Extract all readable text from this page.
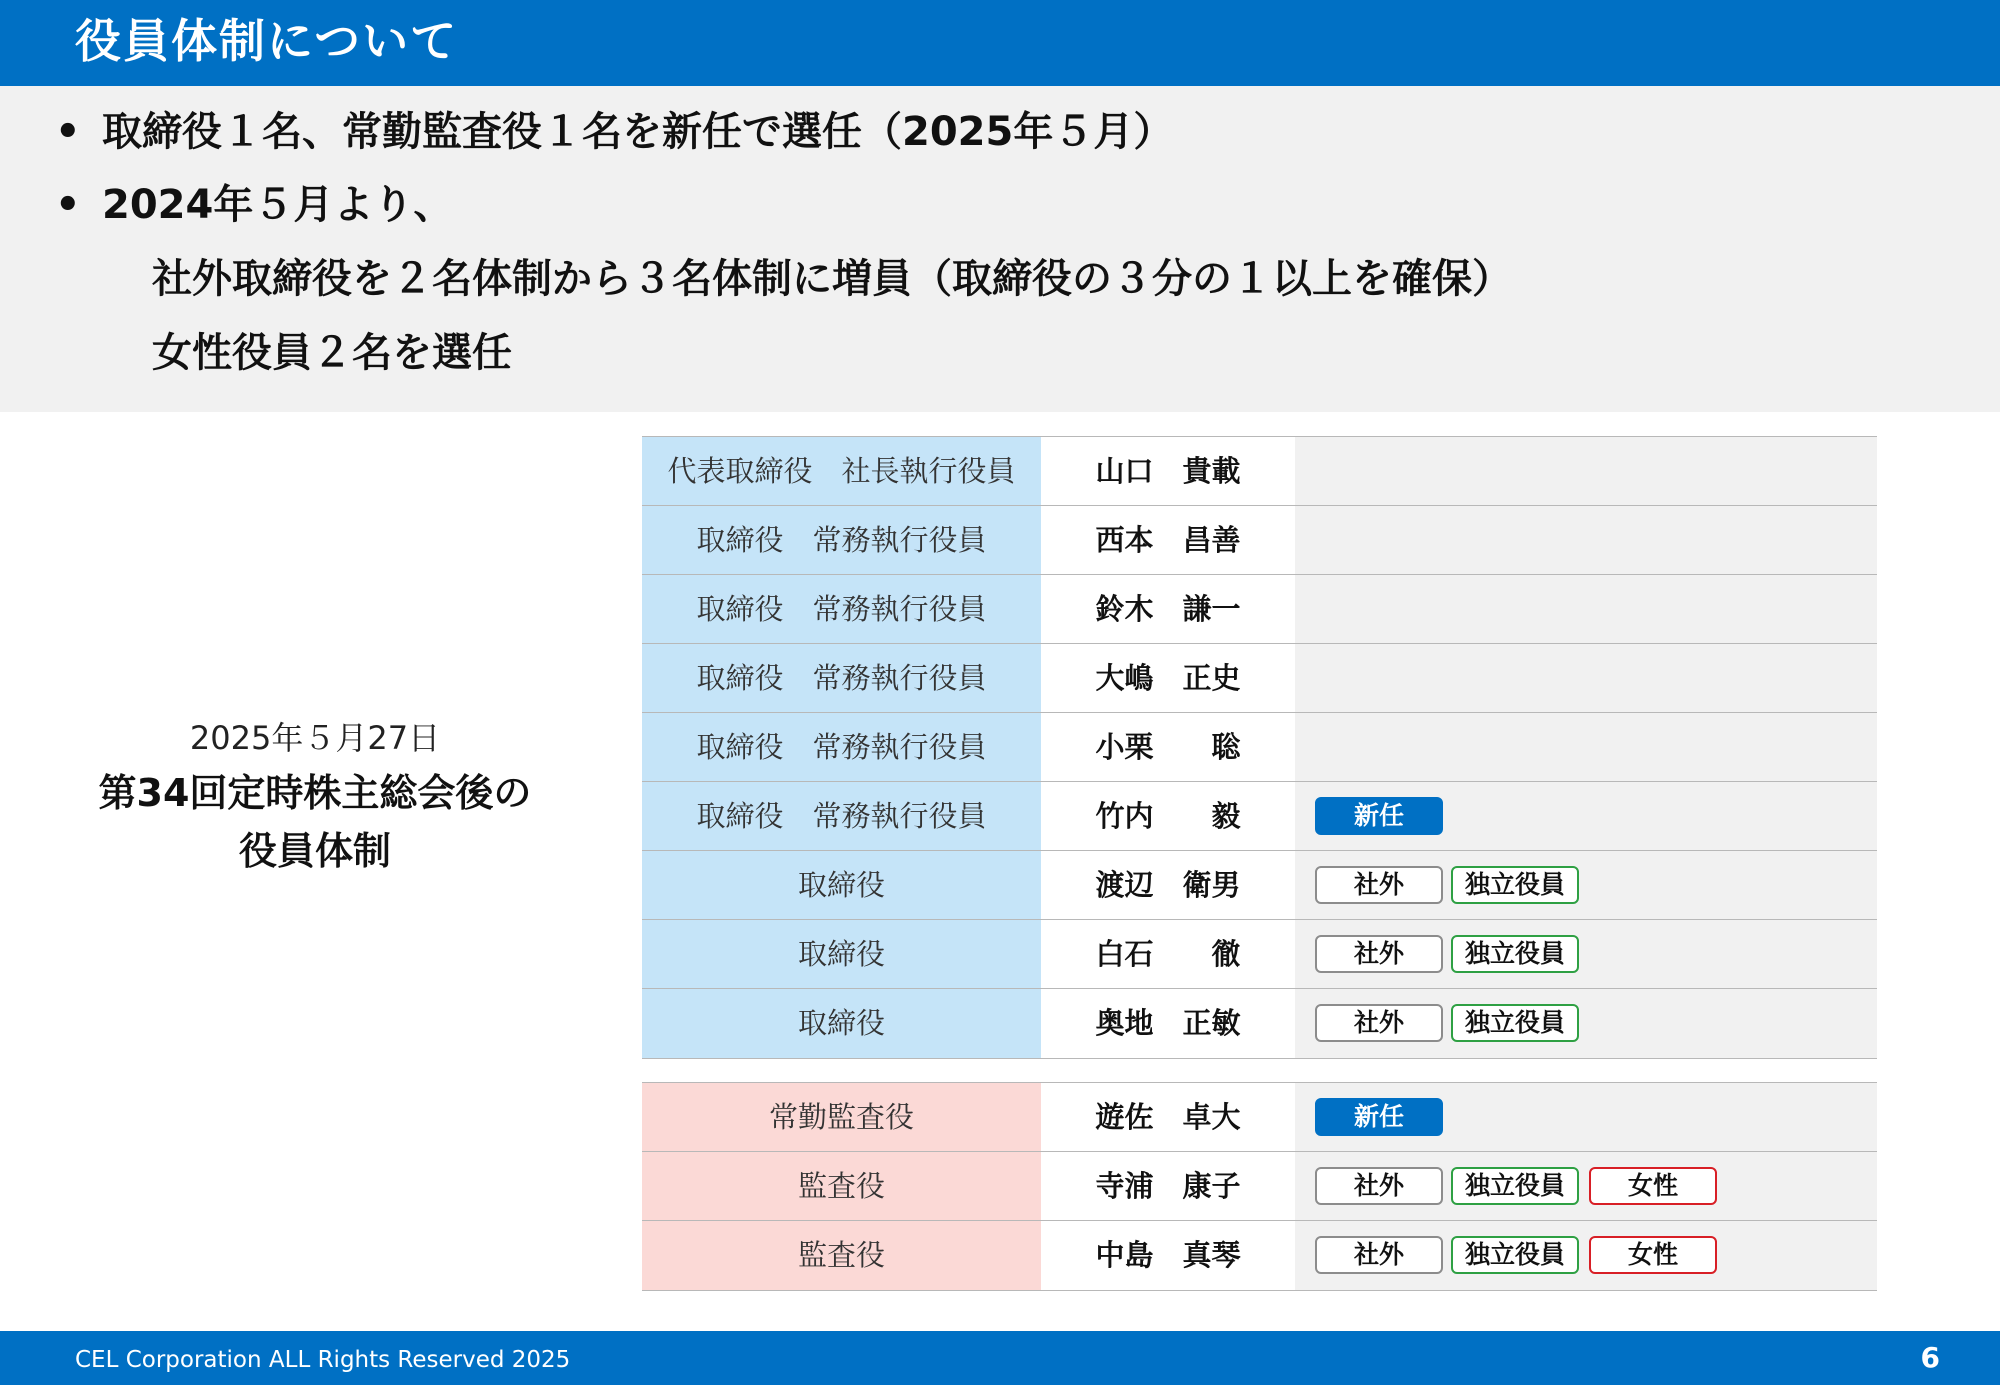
役員体制について
• 取締役１名、常勤監査役１名を新任で選任（2025年５月）
• 2024年５月より、
社外取締役を２名体制から３名体制に増員（取締役の３分の１以上を確保）
女性役員２名を選任
2025年５月27日
第34回定時株主総会後の
役員体制
代表取締役　社長執行役員	山口　貴載
取締役　常務執行役員	西本　昌善
取締役　常務執行役員	鈴木　謙一
取締役　常務執行役員	大嶋　正史
取締役　常務執行役員	小栗　　聡
取締役　常務執行役員	竹内　　毅	新任
取締役	渡辺　衛男	社外	独立役員
取締役	白石　　徹	社外	独立役員
取締役	奥地　正敏	社外	独立役員
常勤監査役	遊佐　卓大	新任
監査役	寺浦　康子	社外	独立役員	女性
監査役	中島　真琴	社外	独立役員	女性
CEL Corporation ALL Rights Reserved 2025	6
